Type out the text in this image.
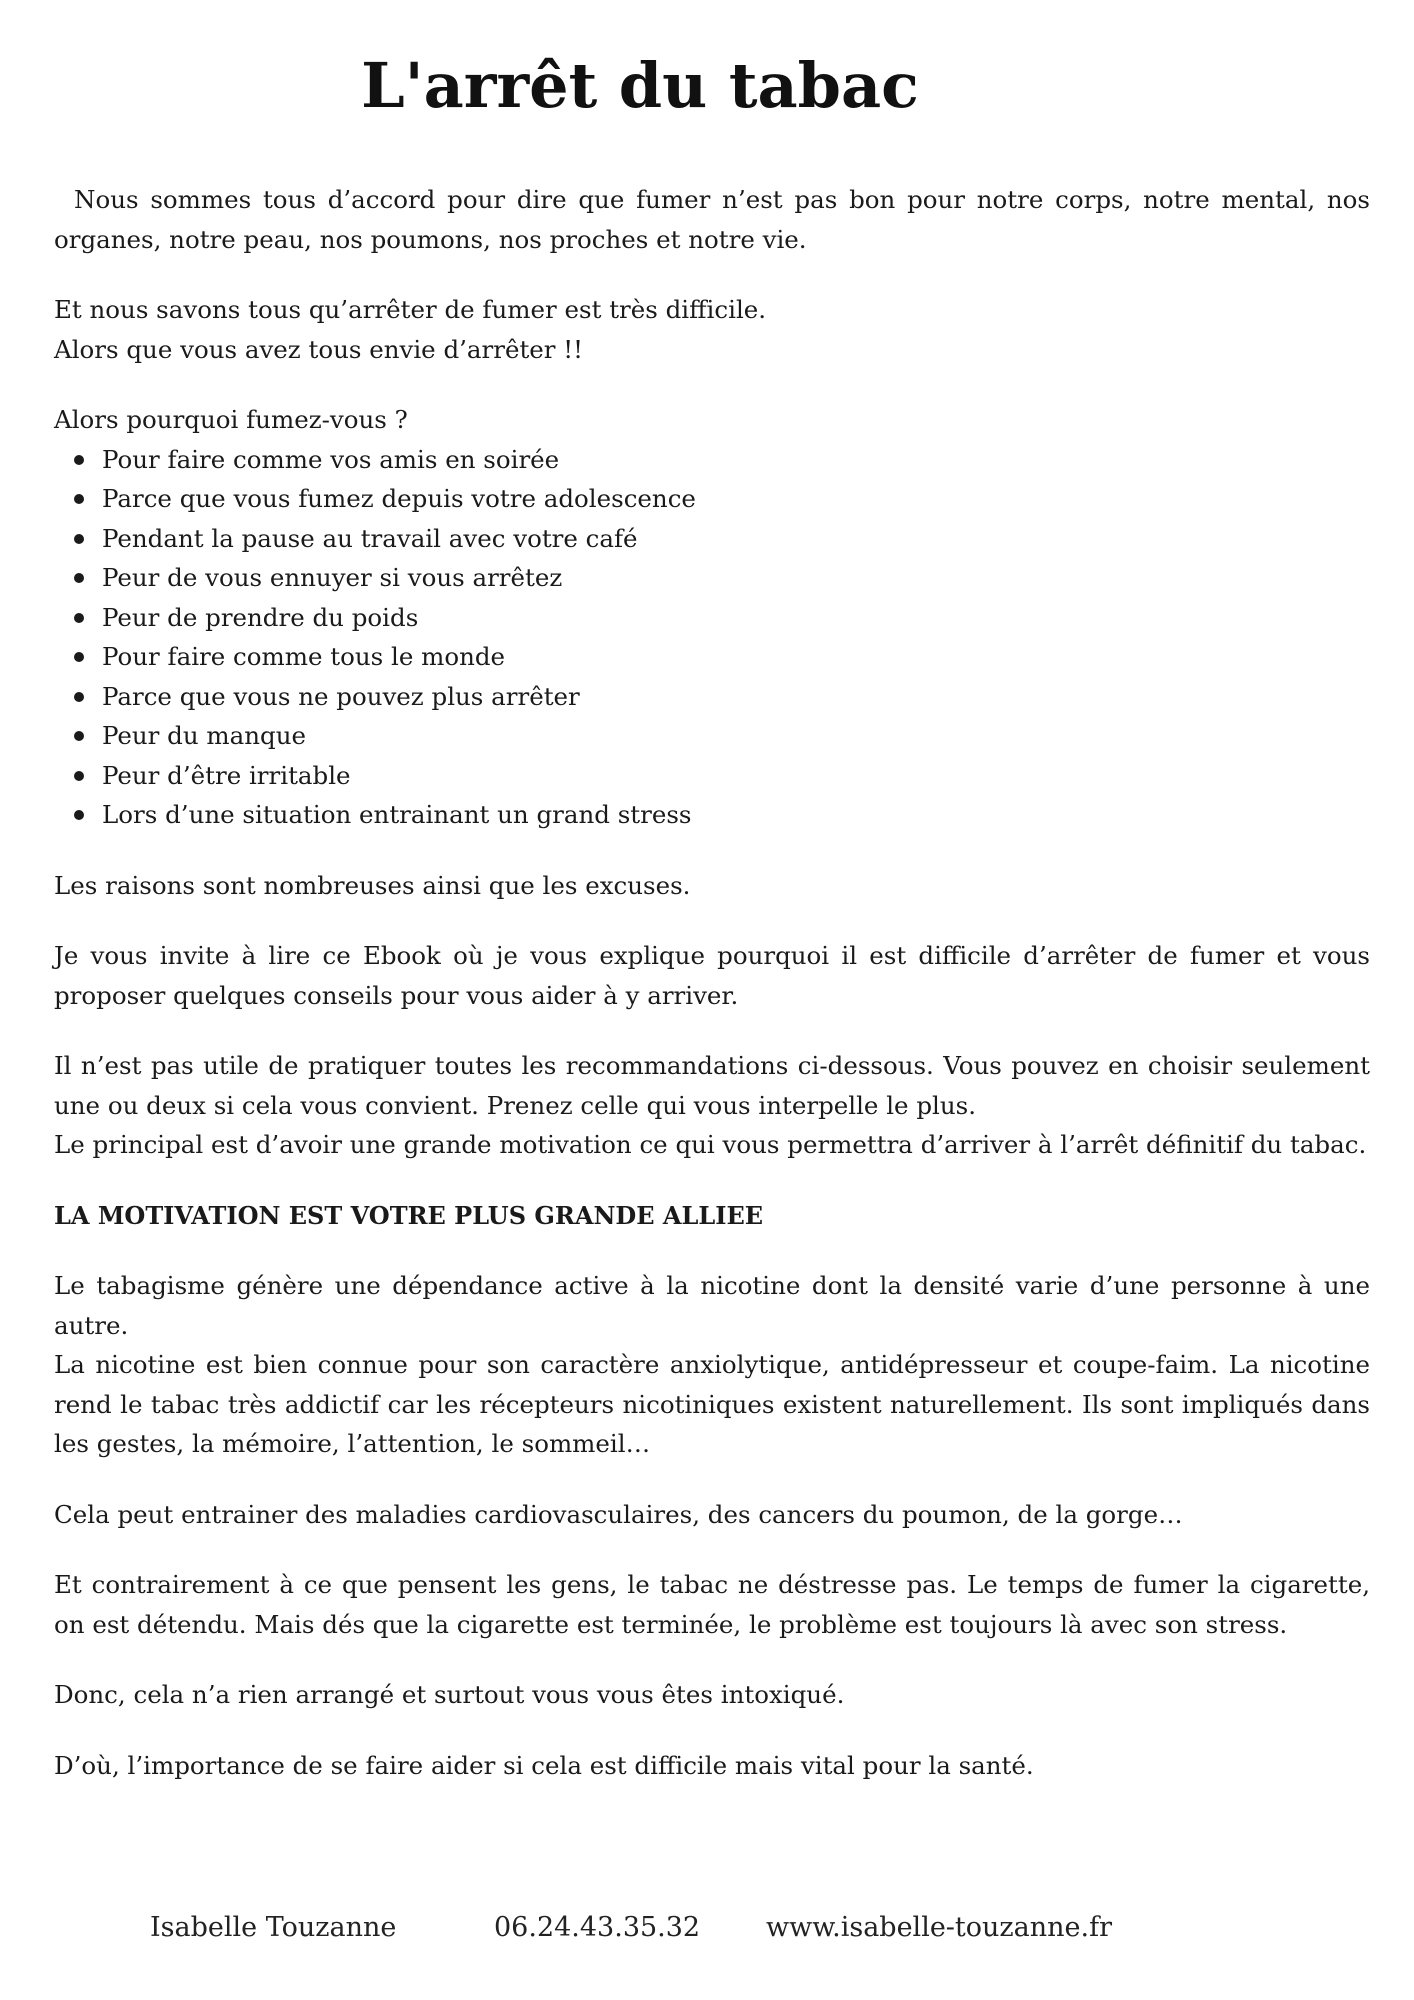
L'arrêt du tabac

Nous sommes tous d’accord pour dire que fumer n’est pas bon pour notre corps, notre mental, nos organes, notre peau, nos poumons, nos proches et notre vie.

Et nous savons tous qu’arrêter de fumer est très difficile.

Alors que vous avez tous envie d’arrêter !!

Alors pourquoi fumez-vous ?

Pour faire comme vos amis en soirée
Parce que vous fumez depuis votre adolescence
Pendant la pause au travail avec votre café
Peur de vous ennuyer si vous arrêtez
Peur de prendre du poids
Pour faire comme tous le monde
Parce que vous ne pouvez plus arrêter
Peur du manque
Peur d’être irritable
Lors d’une situation entrainant un grand stress

Les raisons sont nombreuses ainsi que les excuses.

Je vous invite à lire ce Ebook où je vous explique pourquoi il est difficile d’arrêter de fumer et vous proposer quelques conseils pour vous aider à y arriver.

Il n’est pas utile de pratiquer toutes les recommandations ci-dessous. Vous pouvez en choisir seulement une ou deux si cela vous convient. Prenez celle qui vous interpelle le plus.

Le principal est d’avoir une grande motivation ce qui vous permettra d’arriver à l’arrêt définitif du tabac.

LA MOTIVATION EST VOTRE PLUS GRANDE ALLIEE

Le tabagisme génère une dépendance active à la nicotine dont la densité varie d’une personne à une autre.

La nicotine est bien connue pour son caractère anxiolytique, antidépresseur et coupe-faim. La nicotine rend le tabac très addictif car les récepteurs nicotiniques existent naturellement. Ils sont impliqués dans les gestes, la mémoire, l’attention, le sommeil…

Cela peut entrainer des maladies cardiovasculaires, des cancers du poumon, de la gorge…

Et contrairement à ce que pensent les gens, le tabac ne déstresse pas. Le temps de fumer la cigarette, on est détendu. Mais dés que la cigarette est terminée, le problème est toujours là avec son stress.

Donc, cela n’a rien arrangé et surtout vous vous êtes intoxiqué.

D’où, l’importance de se faire aider si cela est difficile mais vital pour la santé.

Isabelle Touzanne	06.24.43.35.32 www.isabelle-touzanne.fr
